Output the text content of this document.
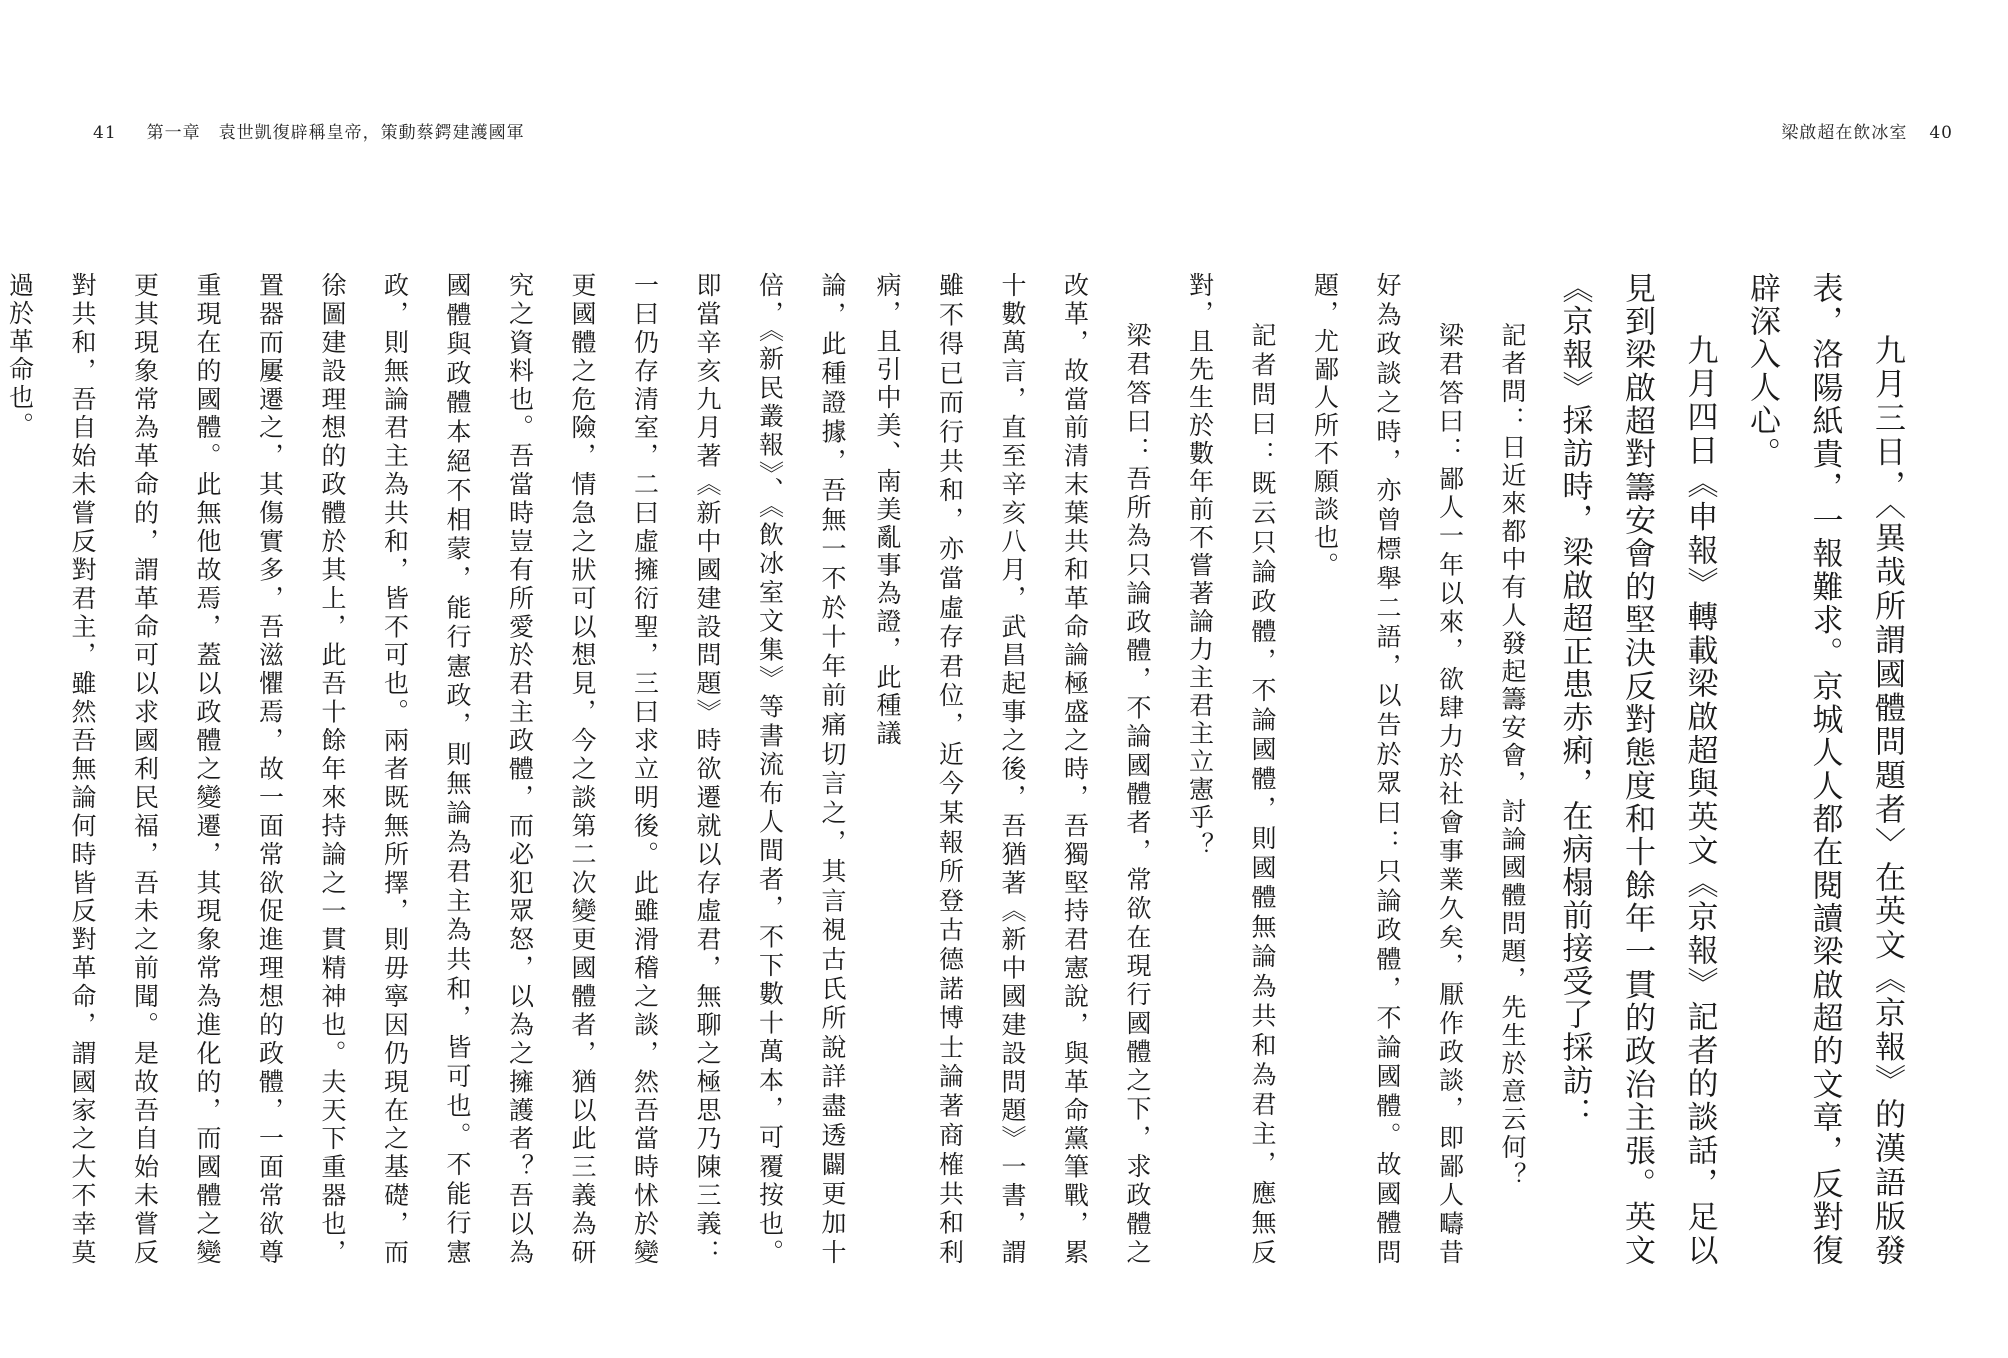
41 第一章　袁世凱復辟稱皇帝，策動蔡鍔建護國軍	梁啟超在飲冰室 40

九月三日，〈異哉所謂國體問題者〉在英文《京報》的漢語版發表，洛陽紙貴，一報難求。京城人人都在閱讀梁啟超的文章，反對復辟深入人心。

九月四日《申報》轉載梁啟超與英文《京報》記者的談話，足以見到梁啟超對籌安會的堅決反對態度和十餘年一貫的政治主張。英文《京報》採訪時，梁啟超正患赤痢，在病榻前接受了採訪：

記者問：日近來都中有人發起籌安會，討論國體問題，先生於意云何？

梁君答曰：鄙人一年以來，欲肆力於社會事業久矣，厭作政談，即鄙人疇昔好為政談之時，亦曾標舉二語，以告於眾曰：只論政體，不論國體。故國體問題，尤鄙人所不願談也。

記者問曰：既云只論政體，不論國體，則國體無論為共和為君主，應無反對，且先生於數年前不嘗著論力主君主立憲乎？

梁君答曰：吾所為只論政體，不論國體者，常欲在現行國體之下，求政體之改革，故當前清末葉共和革命論極盛之時，吾獨堅持君憲說，與革命黨筆戰，累十數萬言，直至辛亥八月，武昌起事之後，吾猶著《新中國建設問題》一書，謂雖不得已而行共和，亦當虛存君位，近今某報所登古德諾博士論著商榷共和利病，且引中美、南美亂事為證，此種議

論，此種證據，吾無一不於十年前痛切言之，其言視古氏所說詳盡透闢更加十倍，《新民叢報》、《飲冰室文集》等書流布人間者，不下數十萬本，可覆按也。即當辛亥九月著《新中國建設問題》時欲遷就以存虛君，無聊之極思乃陳三義：一曰仍存清室，二曰虛擁衍聖，三曰求立明後。此雖滑稽之談，然吾當時怵於變更國體之危險，情急之狀可以想見，今之談第二次變更國體者，猶以此三義為研究之資料也。吾當時豈有所愛於君主政體，而必犯眾怒，以為之擁護者？吾以為國體與政體本絕不相蒙，能行憲政，則無論為君主為共和，皆可也。不能行憲政，則無論君主為共和，皆不可也。兩者既無所擇，則毋寧因仍現在之基礎，而徐圖建設理想的政體於其上，此吾十餘年來持論之一貫精神也。夫天下重器也，置器而屢遷之，其傷實多，吾滋懼焉，故一面常欲促進理想的政體，一面常欲尊重現在的國體。此無他故焉，蓋以政體之變遷，其現象常為進化的，而國體之變更其現象常為革命的，謂革命可以求國利民福，吾未之前聞。是故吾自始未嘗反對共和，吾自始未嘗反對君主，雖然吾無論何時皆反對革命，謂國家之大不幸莫過於革命也。
